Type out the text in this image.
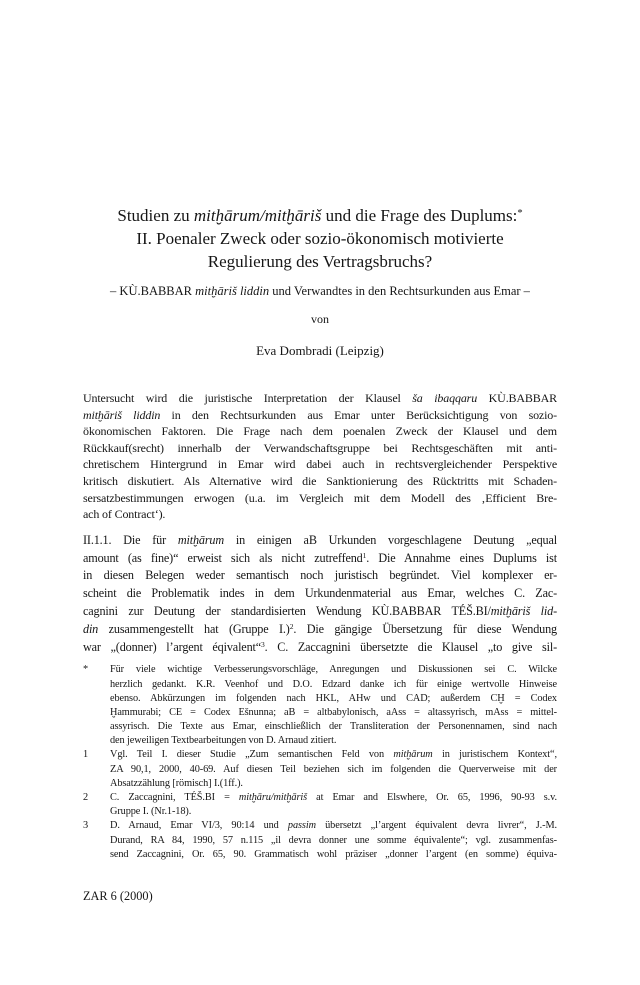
Studien zu mitḫārum/mitḫāriš und die Frage des Duplums:*
II. Poenaler Zweck oder sozio-ökonomisch motivierte
Regulierung des Vertragsbruchs?
– KÙ.BABBAR mitḫāriš liddin und Verwandtes in den Rechtsurkunden aus Emar –
von
Eva Dombradi (Leipzig)
Untersucht wird die juristische Interpretation der Klausel ša ibaqqaru KÙ.BABBAR
mitḫāriš liddin in den Rechtsurkunden aus Emar unter Berücksichtigung von sozio-
ökonomischen Faktoren. Die Frage nach dem poenalen Zweck der Klausel und dem
Rückkauf(srecht) innerhalb der Verwandschaftsgruppe bei Rechtsgeschäften mit anti-
chretischem Hintergrund in Emar wird dabei auch in rechtsvergleichender Perspektive
kritisch diskutiert. Als Alternative wird die Sanktionierung des Rücktritts mit Schaden-
sersatzbestimmungen erwogen (u.a. im Vergleich mit dem Modell des ‚Efficient Bre-
ach of Contract‘).
II.1.1. Die für mitḫārum in einigen aB Urkunden vorgeschlagene Deutung „equal
amount (as fine)“ erweist sich als nicht zutreffend$^1$. Die Annahme eines Duplums ist
in diesen Belegen weder semantisch noch juristisch begründet. Viel komplexer er-
scheint die Problematik indes in dem Urkundenmaterial aus Emar, welches C. Zac-
cagnini zur Deutung der standardisierten Wendung KÙ.BABBAR TÉŠ.BI/mitḫāriš lid-
din zusammengestellt hat (Gruppe I.)$^2$. Die gängige Übersetzung für diese Wendung
war „(donner) l’argent éqivalent“$^3$. C. Zaccagnini übersetzte die Klausel „to give sil-
* Für viele wichtige Verbesserungsvorschläge, Anregungen und Diskussionen sei C. Wilcke
herzlich gedankt. K.R. Veenhof und D.O. Edzard danke ich für einige wertvolle Hinweise
ebenso. Abkürzungen im folgenden nach HKL, AHw und CAD; außerdem CḪ = Codex
Ḫammurabi; CE = Codex Ešnunna; aB = altbabylonisch, aAss = altassyrisch, mAss = mittel-
assyrisch. Die Texte aus Emar, einschließlich der Transliteration der Personennamen, sind nach
den jeweiligen Textbearbeitungen von D. Arnaud zitiert.
1 Vgl. Teil I. dieser Studie „Zum semantischen Feld von mitḫārum in juristischem Kontext“,
ZA 90,1, 2000, 40-69. Auf diesen Teil beziehen sich im folgenden die Querverweise mit der
Absatzzählung [römisch] I.(1ff.).
2 C. Zaccagnini, TÉŠ.BI = mitḫāru/mitḫāriš at Emar and Elswhere, Or. 65, 1996, 90-93 s.v.
Gruppe I. (Nr.1-18).
3 D. Arnaud, Emar VI/3, 90:14 und passim übersetzt „l’argent équivalent devra livrer“, J.-M.
Durand, RA 84, 1990, 57 n.115 „il devra donner une somme équivalente“; vgl. zusammenfas-
send Zaccagnini, Or. 65, 90. Grammatisch wohl präziser „donner l’argent (en somme) équiva-
ZAR 6 (2000)
